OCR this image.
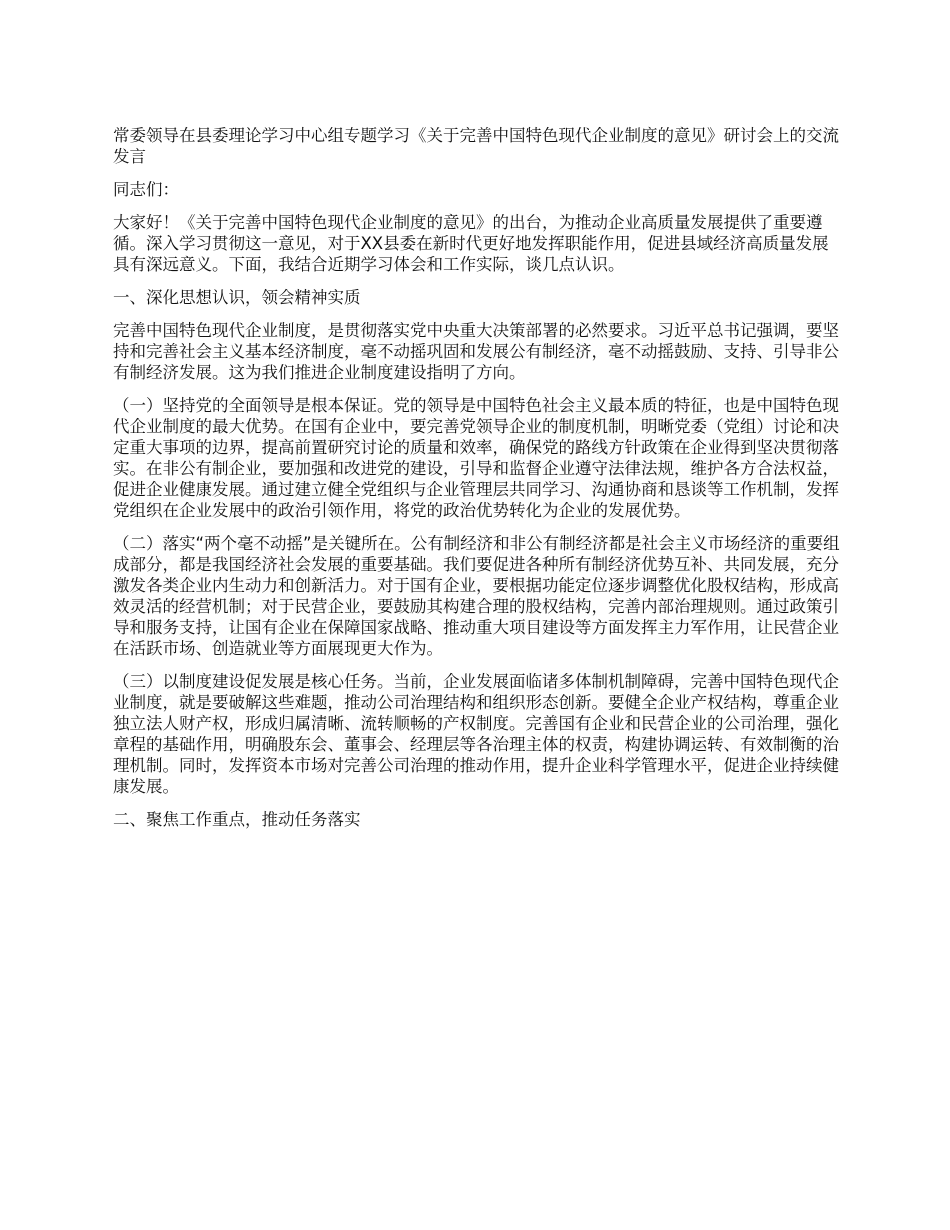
常委领导在县委理论学习中心组专题学习《关于完善中国特色现代企业制度的意见》研讨会上的交流发言

同志们：

大家好！《关于完善中国特色现代企业制度的意见》的出台，为推动企业高质量发展提供了重要遵循。深入学习贯彻这一意见，对于XX县委在新时代更好地发挥职能作用，促进县域经济高质量发展具有深远意义。下面，我结合近期学习体会和工作实际，谈几点认识。

一、深化思想认识，领会精神实质

完善中国特色现代企业制度，是贯彻落实党中央重大决策部署的必然要求。习近平总书记强调，要坚持和完善社会主义基本经济制度，毫不动摇巩固和发展公有制经济，毫不动摇鼓励、支持、引导非公有制经济发展。这为我们推进企业制度建设指明了方向。

（一）坚持党的全面领导是根本保证。党的领导是中国特色社会主义最本质的特征，也是中国特色现代企业制度的最大优势。在国有企业中，要完善党领导企业的制度机制，明晰党委（党组）讨论和决定重大事项的边界，提高前置研究讨论的质量和效率，确保党的路线方针政策在企业得到坚决贯彻落实。在非公有制企业，要加强和改进党的建设，引导和监督企业遵守法律法规，维护各方合法权益，促进企业健康发展。通过建立健全党组织与企业管理层共同学习、沟通协商和恳谈等工作机制，发挥党组织在企业发展中的政治引领作用，将党的政治优势转化为企业的发展优势。

（二）落实“两个毫不动摇”是关键所在。公有制经济和非公有制经济都是社会主义市场经济的重要组成部分，都是我国经济社会发展的重要基础。我们要促进各种所有制经济优势互补、共同发展，充分激发各类企业内生动力和创新活力。对于国有企业，要根据功能定位逐步调整优化股权结构，形成高效灵活的经营机制；对于民营企业，要鼓励其构建合理的股权结构，完善内部治理规则。通过政策引导和服务支持，让国有企业在保障国家战略、推动重大项目建设等方面发挥主力军作用，让民营企业在活跃市场、创造就业等方面展现更大作为。

（三）以制度建设促发展是核心任务。当前，企业发展面临诸多体制机制障碍，完善中国特色现代企业制度，就是要破解这些难题，推动公司治理结构和组织形态创新。要健全企业产权结构，尊重企业独立法人财产权，形成归属清晰、流转顺畅的产权制度。完善国有企业和民营企业的公司治理，强化章程的基础作用，明确股东会、董事会、经理层等各治理主体的权责，构建协调运转、有效制衡的治理机制。同时，发挥资本市场对完善公司治理的推动作用，提升企业科学管理水平，促进企业持续健康发展。

二、聚焦工作重点，推动任务落实
